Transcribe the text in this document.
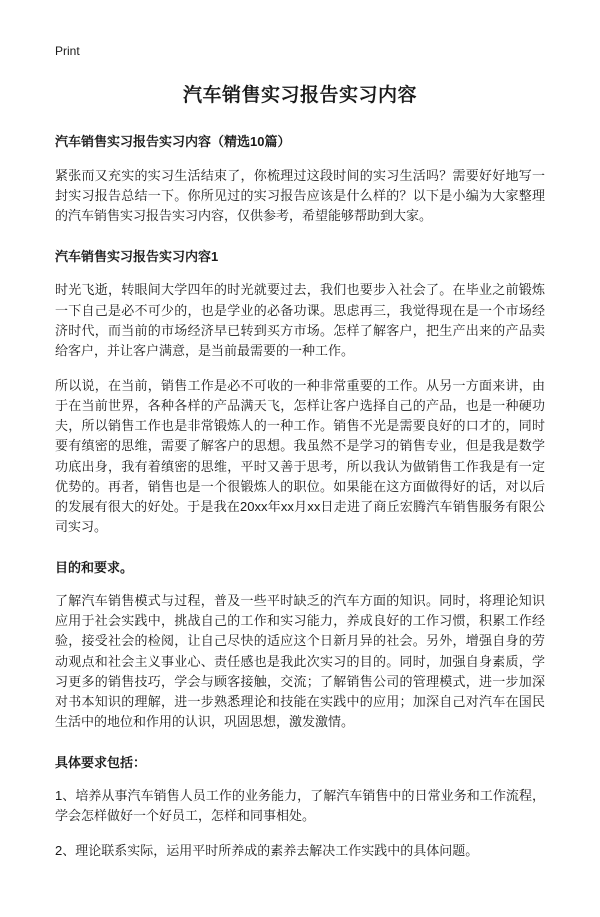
Print
汽车销售实习报告实习内容

汽车销售实习报告实习内容（精选10篇）

紧张而又充实的实习生活结束了，你梳理过这段时间的实习生活吗？需要好好地写一封实习报告总结一下。你所见过的实习报告应该是什么样的？以下是小编为大家整理的汽车销售实习报告实习内容，仅供参考，希望能够帮助到大家。

汽车销售实习报告实习内容1

时光飞逝，转眼间大学四年的时光就要过去，我们也要步入社会了。在毕业之前锻炼一下自己是必不可少的，也是学业的必备功课。思虑再三，我觉得现在是一个市场经济时代，而当前的市场经济早已转到买方市场。怎样了解客户，把生产出来的产品卖给客户，并让客户满意，是当前最需要的一种工作。

所以说，在当前，销售工作是必不可收的一种非常重要的工作。从另一方面来讲，由于在当前世界，各种各样的产品满天飞，怎样让客户选择自己的产品，也是一种硬功夫，所以销售工作也是非常锻炼人的一种工作。销售不光是需要良好的口才的，同时要有缜密的思维，需要了解客户的思想。我虽然不是学习的销售专业，但是我是数学功底出身，我有着缜密的思维，平时又善于思考，所以我认为做销售工作我是有一定优势的。再者，销售也是一个很锻炼人的职位。如果能在这方面做得好的话，对以后的发展有很大的好处。于是我在20xx年xx月xx日走进了商丘宏腾汽车销售服务有限公司实习。

目的和要求。

了解汽车销售模式与过程，普及一些平时缺乏的汽车方面的知识。同时，将理论知识应用于社会实践中，挑战自己的工作和实习能力，养成良好的工作习惯，积累工作经验，接受社会的检阅，让自己尽快的适应这个日新月异的社会。另外，增强自身的劳动观点和社会主义事业心、责任感也是我此次实习的目的。同时，加强自身素质，学习更多的销售技巧，学会与顾客接触，交流；了解销售公司的管理模式，进一步加深对书本知识的理解，进一步熟悉理论和技能在实践中的应用；加深自己对汽车在国民生活中的地位和作用的认识，巩固思想，激发激情。

具体要求包括：

1、培养从事汽车销售人员工作的业务能力，了解汽车销售中的日常业务和工作流程，学会怎样做好一个好员工，怎样和同事相处。

2、理论联系实际，运用平时所养成的素养去解决工作实践中的具体问题。
